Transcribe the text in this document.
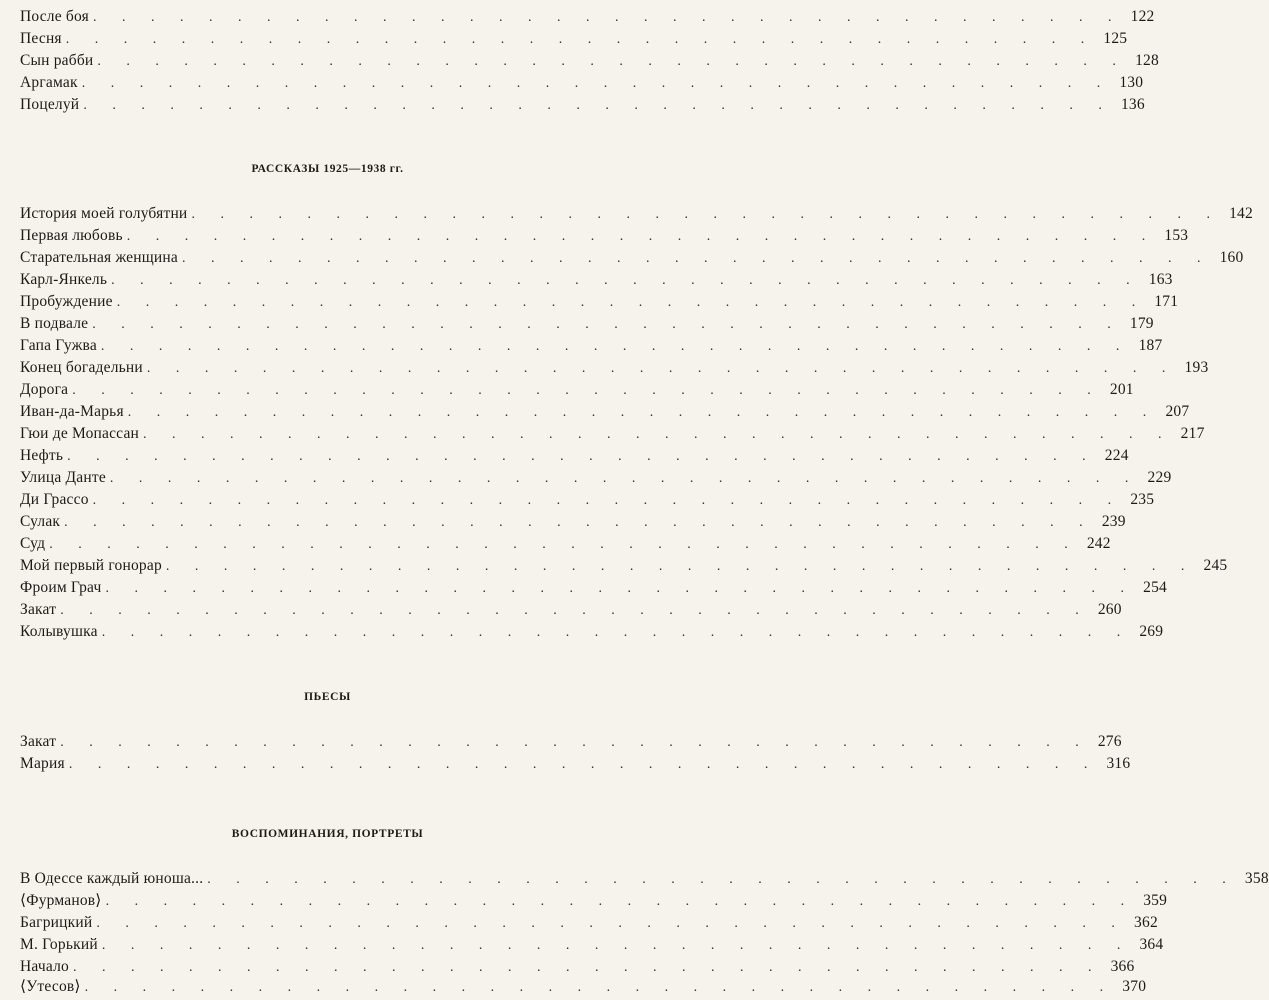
После боя . . . . . . . . . . . . . . . . . . . . . . . . . . . . . . . . . . . . 122
Песня . . . . . . . . . . . . . . . . . . . . . . . . . . . . . . . . . . . . 125
Сын рабби . . . . . . . . . . . . . . . . . . . . . . . . . . . . . . . . . . . . 128
Аргамак . . . . . . . . . . . . . . . . . . . . . . . . . . . . . . . . . . . . 130
Поцелуй . . . . . . . . . . . . . . . . . . . . . . . . . . . . . . . . . . . . 136
РАССКАЗЫ 1925—1938 гг.
История моей голубятни . . . . . . . . . . . . . . . . . . . . . . . . . . . . . . . . . . . . 142
Первая любовь . . . . . . . . . . . . . . . . . . . . . . . . . . . . . . . . . . . . 153
Старательная женщина . . . . . . . . . . . . . . . . . . . . . . . . . . . . . . . . . . . . 160
Карл-Янкель . . . . . . . . . . . . . . . . . . . . . . . . . . . . . . . . . . . . 163
Пробуждение . . . . . . . . . . . . . . . . . . . . . . . . . . . . . . . . . . . . 171
В подвале . . . . . . . . . . . . . . . . . . . . . . . . . . . . . . . . . . . . 179
Гапа Гужва . . . . . . . . . . . . . . . . . . . . . . . . . . . . . . . . . . . . 187
Конец богадельни . . . . . . . . . . . . . . . . . . . . . . . . . . . . . . . . . . . . 193
Дорога . . . . . . . . . . . . . . . . . . . . . . . . . . . . . . . . . . . . 201
Иван-да-Марья . . . . . . . . . . . . . . . . . . . . . . . . . . . . . . . . . . . . 207
Гюи де Мопассан . . . . . . . . . . . . . . . . . . . . . . . . . . . . . . . . . . . . 217
Нефть . . . . . . . . . . . . . . . . . . . . . . . . . . . . . . . . . . . . 224
Улица Данте . . . . . . . . . . . . . . . . . . . . . . . . . . . . . . . . . . . . 229
Ди Грассо . . . . . . . . . . . . . . . . . . . . . . . . . . . . . . . . . . . . 235
Сулак . . . . . . . . . . . . . . . . . . . . . . . . . . . . . . . . . . . . 239
Суд . . . . . . . . . . . . . . . . . . . . . . . . . . . . . . . . . . . . 242
Мой первый гонорар . . . . . . . . . . . . . . . . . . . . . . . . . . . . . . . . . . . . 245
Фроим Грач . . . . . . . . . . . . . . . . . . . . . . . . . . . . . . . . . . . . 254
Закат . . . . . . . . . . . . . . . . . . . . . . . . . . . . . . . . . . . . 260
Колывушка . . . . . . . . . . . . . . . . . . . . . . . . . . . . . . . . . . . . 269
ПЬЕСЫ
Закат . . . . . . . . . . . . . . . . . . . . . . . . . . . . . . . . . . . . 276
Мария . . . . . . . . . . . . . . . . . . . . . . . . . . . . . . . . . . . . 316
ВОСПОМИНАНИЯ, ПОРТРЕТЫ
В Одессе каждый юноша... . . . . . . . . . . . . . . . . . . . . . . . . . . . . . . . . . . . . 358
⟨Фурманов⟩ . . . . . . . . . . . . . . . . . . . . . . . . . . . . . . . . . . . . 359
Багрицкий . . . . . . . . . . . . . . . . . . . . . . . . . . . . . . . . . . . . 362
М. Горький . . . . . . . . . . . . . . . . . . . . . . . . . . . . . . . . . . . . 364
Начало . . . . . . . . . . . . . . . . . . . . . . . . . . . . . . . . . . . . 366
⟨Утесов⟩ . . . . . . . . . . . . . . . . . . . . . . . . . . . . . . . . . . . . 370
